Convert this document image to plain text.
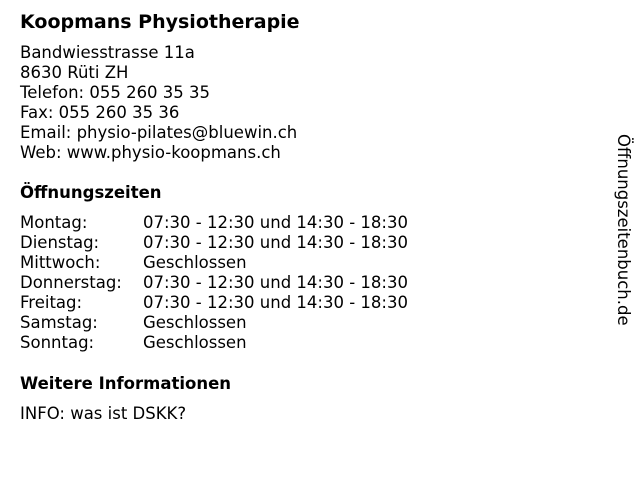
Koopmans Physiotherapie
Bandwiesstrasse 11a
8630 Rüti ZH
Telefon: 055 260 35 35
Fax: 055 260 35 36
Email: physio-pilates@bluewin.ch
Web: www.physio-koopmans.ch
Öffnungszeiten
Montag:	07:30 - 12:30 und 14:30 - 18:30
Dienstag:	07:30 - 12:30 und 14:30 - 18:30
Mittwoch:	Geschlossen
Donnerstag: 07:30 - 12:30 und 14:30 - 18:30
Freitag:	07:30 - 12:30 und 14:30 - 18:30
Samstag:	Geschlossen
Sonntag:	Geschlossen
Weitere Informationen
INFO: was ist DSKK?
Öffnungszeitenbuch.de
